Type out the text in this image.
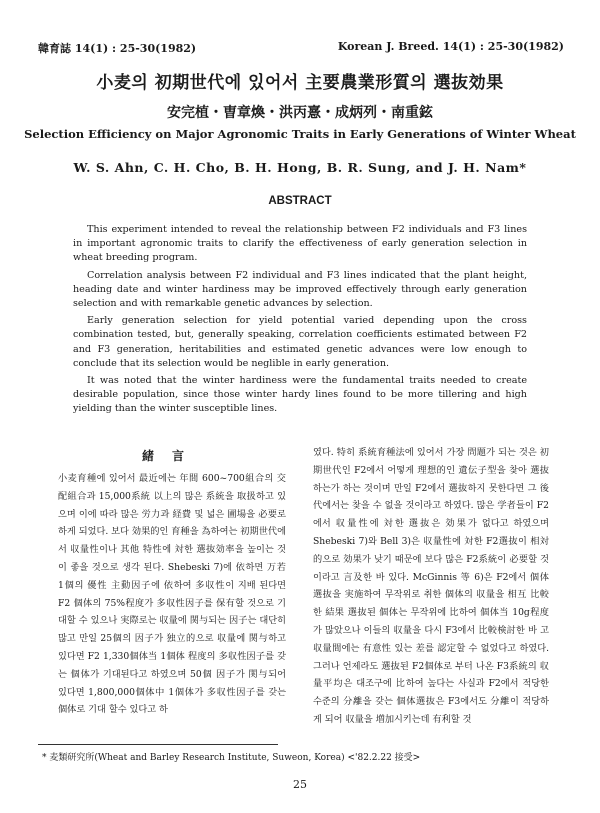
韓育誌 14(1) : 25-30(1982)	Korean J. Breed. 14(1) : 25-30(1982)
小麦의 初期世代에 있어서 主要農業形質의 選抜効果
安完植・曺章煥・洪丙憙・成炳列・南重鉉
Selection Efficiency on Major Agronomic Traits in Early Generations of Winter Wheat
W. S. Ahn, C. H. Cho, B. H. Hong, B. R. Sung, and J. H. Nam*
ABSTRACT

This experiment intended to reveal the relationship between F2 individuals and F3 lines in important agronomic traits to clarify the effectiveness of early generation selection in wheat breeding program.

Correlation analysis between F2 individual and F3 lines indicated that the plant height, heading date and winter hardiness may be improved effectively through early generation selection and with remarkable genetic advances by selection.

Early generation selection for yield potential varied depending upon the cross combination tested, but, generally speaking, correlation coefficients estimated between F2 and F3 generation, heritabilities and estimated genetic advances were low enough to conclude that its selection would be neglible in early generation.

It was noted that the winter hardiness were the fundamental traits needed to create desirable population, since those winter hardy lines found to be more tillering and high yielding than the winter susceptible lines.

緒言

小麦育種에 있어서 最近에는 年間 600~700組合의 交配組合과 15,000系統 以上의 많은 系統을 取扱하고 있으며 이에 따라 많은 労力과 経費 및 넓은 圃場을 必要로 하게 되었다. 보다 効果的인 育種을 為하여는 初期世代에서 収量性이나 其他 特性에 対한 選抜効率을 높이는 것이 좋을 것으로 생각 된다. Shebeski 7)에 依하면 万若 1個의 優性 主動因子에 依하여 多収性이 지배 된다면 F2 個体의 75%程度가 多収性因子를 保有할 것으로 기대할 수 있으나 実際로는 収量에 関与되는 因子는 대단히 많고 만일 25個의 因子가 独立的으로 収量에 関与하고 있다면 F2 1,330個体当 1個体 程度의 多収性因子를 갖는 個体가 기대된다고 하였으며 50個 因子가 関与되어 있다면 1,800,000個体中 1個体가 多収性因子를 갖는 個体로 기대 할수 있다고 하

였다. 特히 系統育種法에 있어서 가장 問題가 되는 것은 初期世代인 F2에서 어떻게 理想的인 遺伝子型을 찾아 選抜하는가 하는 것이며 만일 F2에서 選抜하지 못한다면 그 後代에서는 찾을 수 없을 것이라고 하였다. 많은 学者들이 F2에서 収量性에 対한 選抜은 効果가 없다고 하였으며 Shebeski 7)와 Bell 3)은 収量性에 対한 F2選抜이 相対的으로 効果가 낮기 때문에 보다 많은 F2系統이 必要할 것이라고 言及한 바 있다. McGinnis 等 6)은 F2에서 個体選抜을 実施하여 무작위로 취한 個体의 収量을 相互 比較한 結果 選抜된 個体는 무작위에 比하여 個体当 10g程度가 많았으나 이들의 収量을 다시 F3에서 比較検討한 바 고 収量間에는 有意性 있는 差를 認定할 수 없었다고 하였다. 그러나 언제라도 選抜된 F2個体로 부터 나온 F3系統의 収量平均은 대조구에 比하여 높다는 사실과 F2에서 적당한 수준의 分離을 갖는 個体選抜은 F3에서도 分離이 적당하게 되어 収量을 増加시키는데 有利할 것

* 麦類研究所(Wheat and Barley Research Institute, Suweon, Korea) <'82.2.22 接受>
25
